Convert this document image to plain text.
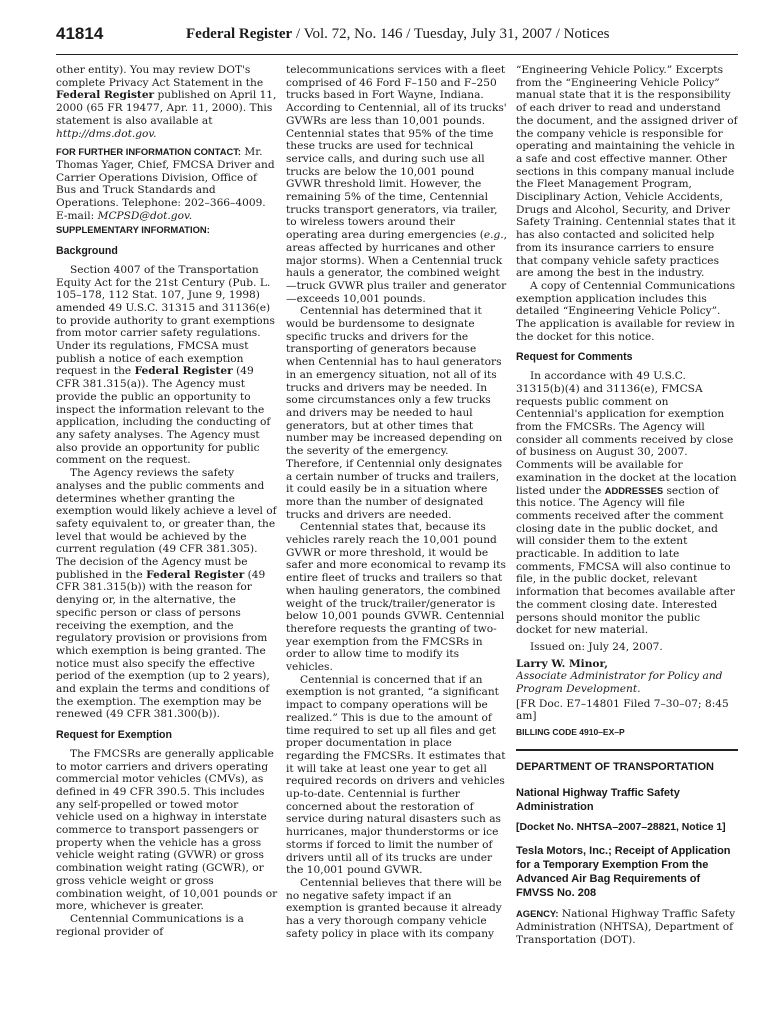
41814	Federal Register / Vol. 72, No. 146 / Tuesday, July 31, 2007 / Notices

other entity). You may review DOT's complete Privacy Act Statement in the Federal Register published on April 11, 2000 (65 FR 19477, Apr. 11, 2000). This statement is also available at http://dms.dot.gov.

FOR FURTHER INFORMATION CONTACT: Mr. Thomas Yager, Chief, FMCSA Driver and Carrier Operations Division, Office of Bus and Truck Standards and Operations. Telephone: 202–366–4009. E-mail: MCPSD@dot.gov.

SUPPLEMENTARY INFORMATION:

Background

Section 4007 of the Transportation Equity Act for the 21st Century (Pub. L. 105–178, 112 Stat. 107, June 9, 1998) amended 49 U.S.C. 31315 and 31136(e) to provide authority to grant exemptions from motor carrier safety regulations. Under its regulations, FMCSA must publish a notice of each exemption request in the Federal Register (49 CFR 381.315(a)). The Agency must provide the public an opportunity to inspect the information relevant to the application, including the conducting of any safety analyses. The Agency must also provide an opportunity for public comment on the request.

The Agency reviews the safety analyses and the public comments and determines whether granting the exemption would likely achieve a level of safety equivalent to, or greater than, the level that would be achieved by the current regulation (49 CFR 381.305). The decision of the Agency must be published in the Federal Register (49 CFR 381.315(b)) with the reason for denying or, in the alternative, the specific person or class of persons receiving the exemption, and the regulatory provision or provisions from which exemption is being granted. The notice must also specify the effective period of the exemption (up to 2 years), and explain the terms and conditions of the exemption. The exemption may be renewed (49 CFR 381.300(b)).

Request for Exemption

The FMCSRs are generally applicable to motor carriers and drivers operating commercial motor vehicles (CMVs), as defined in 49 CFR 390.5. This includes any self-propelled or towed motor vehicle used on a highway in interstate commerce to transport passengers or property when the vehicle has a gross vehicle weight rating (GVWR) or gross combination weight rating (GCWR), or gross vehicle weight or gross combination weight, of 10,001 pounds or more, whichever is greater.

Centennial Communications is a regional provider of

telecommunications services with a fleet comprised of 46 Ford F–150 and F–250 trucks based in Fort Wayne, Indiana. According to Centennial, all of its trucks' GVWRs are less than 10,001 pounds. Centennial states that 95% of the time these trucks are used for technical service calls, and during such use all trucks are below the 10,001 pound GVWR threshold limit. However, the remaining 5% of the time, Centennial trucks transport generators, via trailer, to wireless towers around their operating area during emergencies (e.g., areas affected by hurricanes and other major storms). When a Centennial truck hauls a generator, the combined weight—truck GVWR plus trailer and generator—exceeds 10,001 pounds.

Centennial has determined that it would be burdensome to designate specific trucks and drivers for the transporting of generators because when Centennial has to haul generators in an emergency situation, not all of its trucks and drivers may be needed. In some circumstances only a few trucks and drivers may be needed to haul generators, but at other times that number may be increased depending on the severity of the emergency. Therefore, if Centennial only designates a certain number of trucks and trailers, it could easily be in a situation where more than the number of designated trucks and drivers are needed.

Centennial states that, because its vehicles rarely reach the 10,001 pound GVWR or more threshold, it would be safer and more economical to revamp its entire fleet of trucks and trailers so that when hauling generators, the combined weight of the truck/trailer/generator is below 10,001 pounds GVWR. Centennial therefore requests the granting of two-year exemption from the FMCSRs in order to allow time to modify its vehicles.

Centennial is concerned that if an exemption is not granted, “a significant impact to company operations will be realized.” This is due to the amount of time required to set up all files and get proper documentation in place regarding the FMCSRs. It estimates that it will take at least one year to get all required records on drivers and vehicles up-to-date. Centennial is further concerned about the restoration of service during natural disasters such as hurricanes, major thunderstorms or ice storms if forced to limit the number of drivers until all of its trucks are under the 10,001 pound GVWR.

Centennial believes that there will be no negative safety impact if an exemption is granted because it already has a very thorough company vehicle safety policy in place with its company

“Engineering Vehicle Policy.” Excerpts from the “Engineering Vehicle Policy” manual state that it is the responsibility of each driver to read and understand the document, and the assigned driver of the company vehicle is responsible for operating and maintaining the vehicle in a safe and cost effective manner. Other sections in this company manual include the Fleet Management Program, Disciplinary Action, Vehicle Accidents, Drugs and Alcohol, Security, and Driver Safety Training. Centennial states that it has also contacted and solicited help from its insurance carriers to ensure that company vehicle safety practices are among the best in the industry.

A copy of Centennial Communications exemption application includes this detailed “Engineering Vehicle Policy”. The application is available for review in the docket for this notice.

Request for Comments

In accordance with 49 U.S.C. 31315(b)(4) and 31136(e), FMCSA requests public comment on Centennial's application for exemption from the FMCSRs. The Agency will consider all comments received by close of business on August 30, 2007. Comments will be available for examination in the docket at the location listed under the ADDRESSES section of this notice. The Agency will file comments received after the comment closing date in the public docket, and will consider them to the extent practicable. In addition to late comments, FMCSA will also continue to file, in the public docket, relevant information that becomes available after the comment closing date. Interested persons should monitor the public docket for new material.

Issued on: July 24, 2007.

Larry W. Minor,

Associate Administrator for Policy and Program Development.

[FR Doc. E7–14801 Filed 7–30–07; 8:45 am]

BILLING CODE 4910–EX–P

DEPARTMENT OF TRANSPORTATION

National Highway Traffic Safety Administration

[Docket No. NHTSA–2007–28821, Notice 1]

Tesla Motors, Inc.; Receipt of Application for a Temporary Exemption From the Advanced Air Bag Requirements of FMVSS No. 208

AGENCY: National Highway Traffic Safety Administration (NHTSA), Department of Transportation (DOT).
